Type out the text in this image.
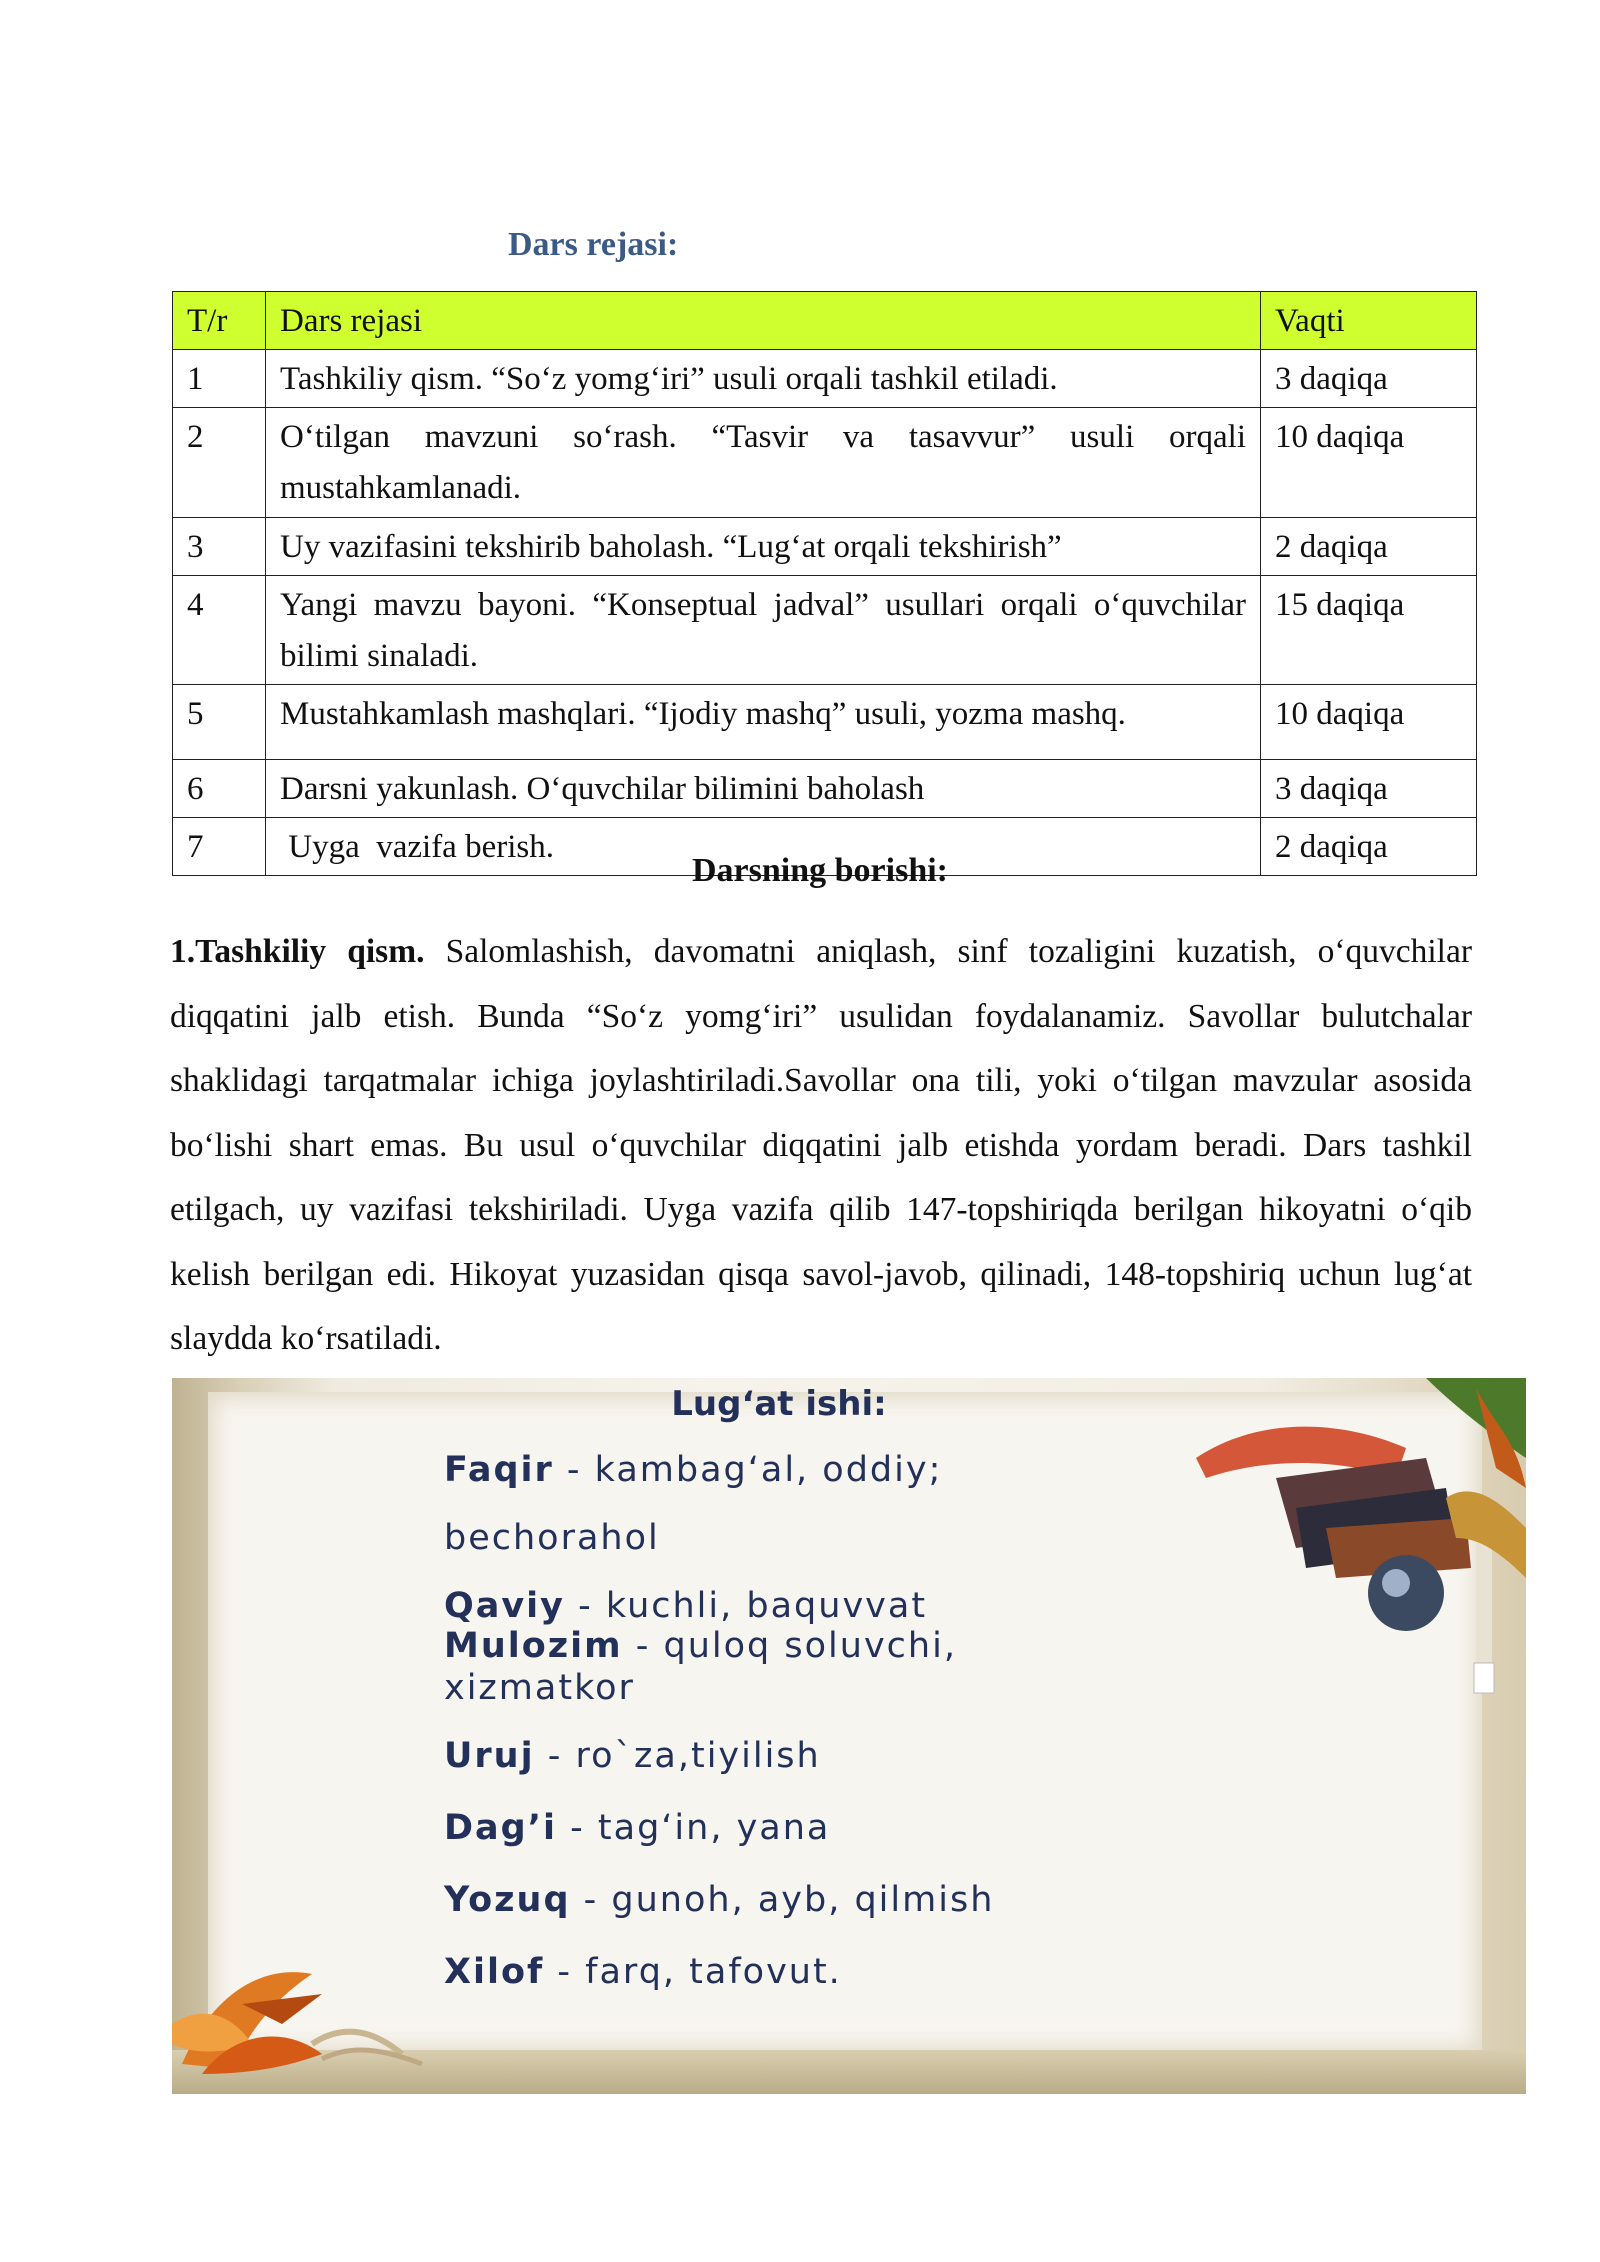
Dars rejasi:
T/r	Dars rejasi	Vaqti
1	Tashkiliy qism. “So‘z yomg‘iri” usuli orqali tashkil etiladi.	3 daqiqa
2	O‘tilgan mavzuni so‘rash. “Tasvir va tasavvur” usuli orqali mustahkamlanadi.	10 daqiqa
3	Uy vazifasini tekshirib baholash. “Lug‘at orqali tekshirish”	2 daqiqa
4	Yangi mavzu bayoni. “Konseptual jadval” usullari orqali o‘quvchilar bilimi sinaladi.	15 daqiqa
5	Mustahkamlash mashqlari. “Ijodiy mashq” usuli, yozma mashq.	10 daqiqa
6	Darsni yakunlash. O‘quvchilar bilimini baholash	3 daqiqa
7	Uyga  vazifa berish.	2 daqiqa
Darsning borishi:
1.Tashkiliy qism. Salomlashish, davomatni aniqlash, sinf tozaligini kuzatish, o‘quvchilar diqqatini jalb etish. Bunda “So‘z yomg‘iri” usulidan foydalanamiz. Savollar bulutchalar shaklidagi tarqatmalar ichiga joylashtiriladi.Savollar ona tili, yoki o‘tilgan mavzular asosida bo‘lishi shart emas. Bu usul o‘quvchilar diqqatini jalb etishda yordam beradi. Dars tashkil etilgach, uy vazifasi tekshiriladi. Uyga vazifa qilib 147-topshiriqda berilgan hikoyatni o‘qib kelish berilgan edi. Hikoyat yuzasidan qisqa savol-javob, qilinadi, 148-topshiriq uchun lug‘at slaydda ko‘rsatiladi.
Lug‘at ishi:
Faqir - kambag‘al, oddiy;
bechorahol
Qaviy - kuchli, baquvvat
Mulozim - quloq soluvchi,
xizmatkor
Uruj - ro`za,tiyilish
Dag’i - tag‘in, yana
Yozuq - gunoh, ayb, qilmish
Xilof - farq, tafovut.
